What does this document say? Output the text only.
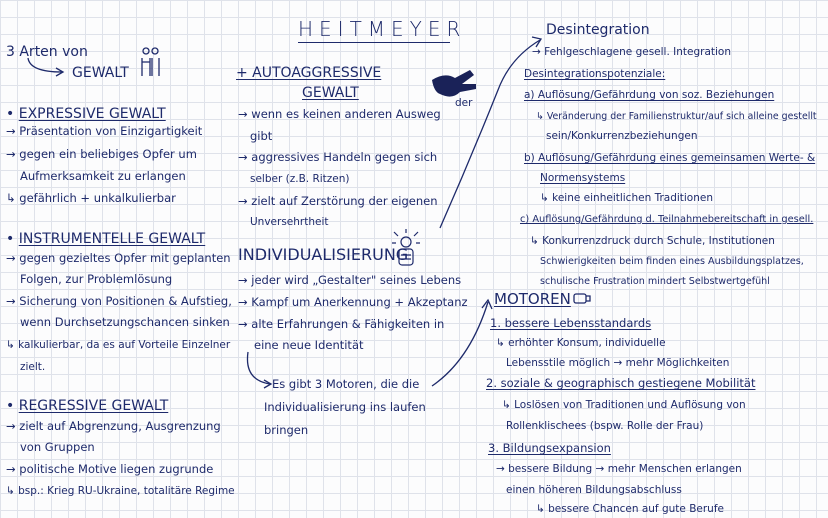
HEITMEYER
3 Arten von
GEWALT
• EXPRESSIVE GEWALT
→ Präsentation von Einzigartigkeit
→ gegen ein beliebiges Opfer um
Aufmerksamkeit zu erlangen
↳ gefährlich + unkalkulierbar
• INSTRUMENTELLE GEWALT
→ gegen gezieltes Opfer mit geplanten
Folgen, zur Problemlösung
→ Sicherung von Positionen & Aufstieg,
wenn Durchsetzungschancen sinken
↳ kalkulierbar, da es auf Vorteile Einzelner
zielt.
• REGRESSIVE GEWALT
→ zielt auf Abgrenzung, Ausgrenzung
von Gruppen
→ politische Motive liegen zugrunde
↳ bsp.: Krieg RU-Ukraine, totalitäre Regime
+ AUTOAGGRESSIVE
GEWALT
→ wenn es keinen anderen Ausweg
gibt
→ aggressives Handeln gegen sich
selber (z.B. Ritzen)
→ zielt auf Zerstörung der eigenen
Unversehrtheit
der
INDIVIDUALISIERUNG
→ jeder wird „Gestalter" seines Lebens
→ Kampf um Anerkennung + Akzeptanz
→ alte Erfahrungen & Fähigkeiten in
eine neue Identität
Es gibt 3 Motoren, die die
Individualisierung ins laufen
bringen
Desintegration
→ Fehlgeschlagene gesell. Integration
Desintegrationspotenziale:
a) Auflösung/Gefährdung von soz. Beziehungen
↳ Veränderung der Familienstruktur/auf sich alleine gestellt
sein/Konkurrenzbeziehungen
b) Auflösung/Gefährdung eines gemeinsamen Werte- &
Normensystems
↳ keine einheitlichen Traditionen
c) Auflösung/Gefährdung d. Teilnahmebereitschaft in gesell.
↳ Konkurrenzdruck durch Schule, Institutionen
Schwierigkeiten beim finden eines Ausbildungsplatzes,
schulische Frustration mindert Selbstwertgefühl
MOTOREN
1. bessere Lebensstandards
↳ erhöhter Konsum, individuelle
Lebensstile möglich → mehr Möglichkeiten
2. soziale & geographisch gestiegene Mobilität
↳ Loslösen von Traditionen und Auflösung von
Rollenklischees (bspw. Rolle der Frau)
3. Bildungsexpansion
→ bessere Bildung → mehr Menschen erlangen
einen höheren Bildungsabschluss
↳ bessere Chancen auf gute Berufe
